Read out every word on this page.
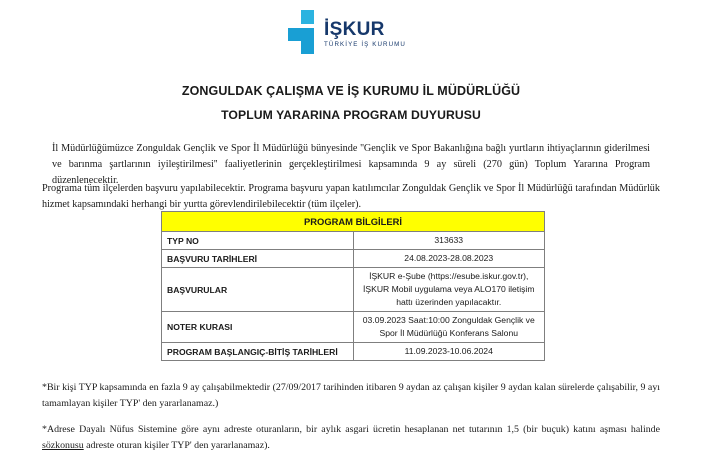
İŞKUR
TÜRKİYE İŞ KURUMU
ZONGULDAK ÇALIŞMA VE İŞ KURUMU İL MÜDÜRLÜĞÜ
TOPLUM YARARINA PROGRAM DUYURUSU

İl Müdürlüğümüzce Zonguldak Gençlik ve Spor İl Müdürlüğü bünyesinde ''Gençlik ve Spor Bakanlığına bağlı yurtların ihtiyaçlarının giderilmesi ve barınma şartlarının iyileştirilmesi'' faaliyetlerinin gerçekleştirilmesi kapsamında 9 ay süreli (270 gün) Toplum Yararına Program düzenlenecektir.

Programa tüm ilçelerden başvuru yapılabilecektir. Programa başvuru yapan katılımcılar Zonguldak Gençlik ve Spor İl Müdürlüğü tarafından Müdürlük hizmet kapsamındaki herhangi bir yurtta görevlendirilebilecektir (tüm ilçeler).

PROGRAM BİLGİLERİ	
TYP NO	313633
BAŞVURU TARİHLERİ	24.08.2023-28.08.2023
BAŞVURULAR	İŞKUR e-Şube (https://esube.iskur.gov.tr), İŞKUR Mobil uygulama veya ALO170 iletişim hattı üzerinden yapılacaktır.
NOTER KURASI	03.09.2023 Saat:10:00 Zonguldak Gençlik ve Spor İl Müdürlüğü Konferans Salonu
PROGRAM BAŞLANGIÇ-BİTİŞ TARİHLERİ	11.09.2023-10.06.2024

*Bir kişi TYP kapsamında en fazla 9 ay çalışabilmektedir (27/09/2017 tarihinden itibaren 9 aydan az çalışan kişiler 9 aydan kalan sürelerde çalışabilir, 9 ayı tamamlayan kişiler TYP' den yararlanamaz.)

*Adrese Dayalı Nüfus Sistemine göre aynı adreste oturanların, bir aylık asgari ücretin hesaplanan net tutarının 1,5 (bir buçuk) katını aşması halinde sözkonusu adreste oturan kişiler TYP' den yararlanamaz).
